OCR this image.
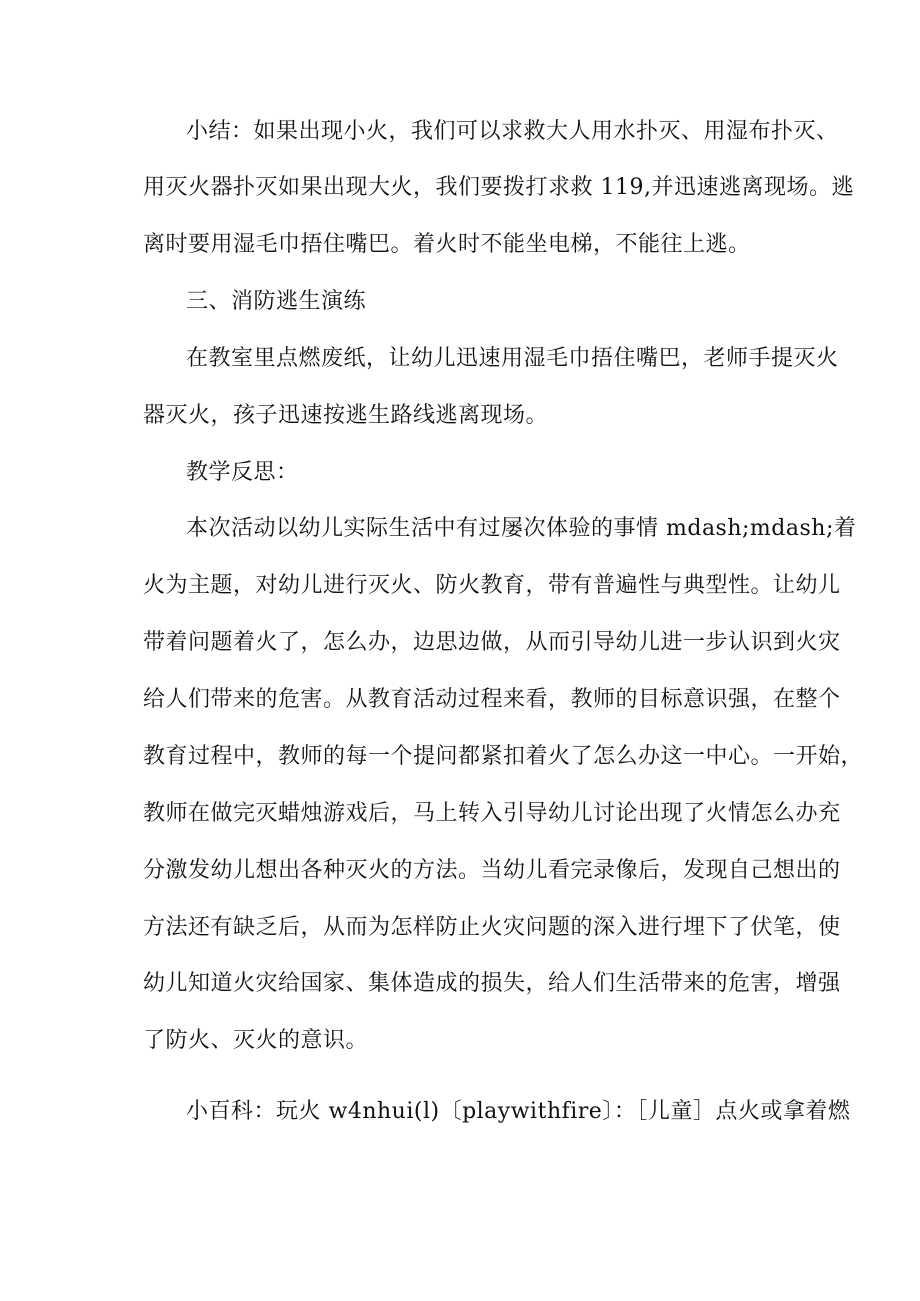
小结：如果出现小火，我们可以求救大人用水扑灭、用湿布扑灭、
用灭火器扑灭如果出现大火，我们要拨打求救 119,并迅速逃离现场。逃
离时要用湿毛巾捂住嘴巴。着火时不能坐电梯，不能往上逃。
三、消防逃生演练
在教室里点燃废纸，让幼儿迅速用湿毛巾捂住嘴巴，老师手提灭火
器灭火，孩子迅速按逃生路线逃离现场。
教学反思：
本次活动以幼儿实际生活中有过屡次体验的事情 mdash;mdash;着
火为主题，对幼儿进行灭火、防火教育，带有普遍性与典型性。让幼儿
带着问题着火了，怎么办，边思边做，从而引导幼儿进一步认识到火灾
给人们带来的危害。从教育活动过程来看，教师的目标意识强，在整个
教育过程中，教师的每一个提问都紧扣着火了怎么办这一中心。一开始，
教师在做完灭蜡烛游戏后，马上转入引导幼儿讨论出现了火情怎么办充
分激发幼儿想出各种灭火的方法。当幼儿看完录像后，发现自己想出的
方法还有缺乏后，从而为怎样防止火灾问题的深入进行埋下了伏笔，使
幼儿知道火灾给国家、集体造成的损失，给人们生活带来的危害，增强
了防火、灭火的意识。
小百科：玩火 w4nhui(l)〔playwithfire〕：［儿童］点火或拿着燃
